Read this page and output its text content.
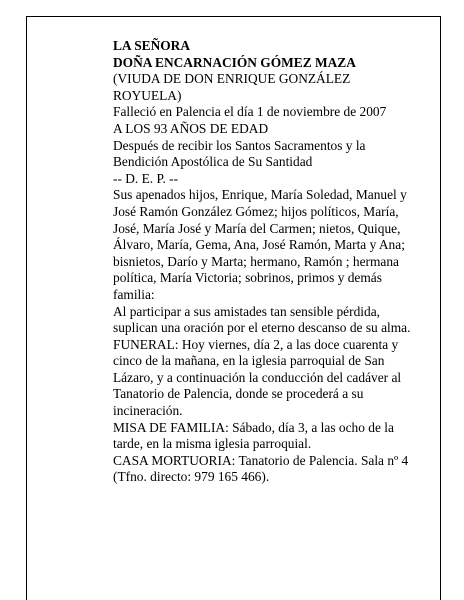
LA SEÑORA
DOÑA ENCARNACIÓN GÓMEZ MAZA
(VIUDA DE DON ENRIQUE GONZÁLEZ
ROYUELA)
Falleció en Palencia el día 1 de noviembre de 2007
A LOS 93 AÑOS DE EDAD
Después de recibir los Santos Sacramentos y la
Bendición Apostólica de Su Santidad
-- D. E. P. --
Sus apenados hijos, Enrique, María Soledad, Manuel y
José Ramón González Gómez; hijos políticos, María,
José, María José y María del Carmen; nietos, Quique,
Álvaro, María, Gema, Ana, José Ramón, Marta y Ana;
bisnietos, Darío y Marta; hermano, Ramón ; hermana
política, María Victoria; sobrinos, primos y demás
familia:
Al participar a sus amistades tan sensible pérdida,
suplican una oración por el eterno descanso de su alma.
FUNERAL: Hoy viernes, día 2, a las doce cuarenta y
cinco de la mañana, en la iglesia parroquial de San
Lázaro, y a continuación la conducción del cadáver al
Tanatorio de Palencia, donde se procederá a su
incineración.
MISA DE FAMILIA: Sábado, día 3, a las ocho de la
tarde, en la misma iglesia parroquial.
CASA MORTUORIA: Tanatorio de Palencia. Sala nº 4
(Tfno. directo: 979 165 466).
